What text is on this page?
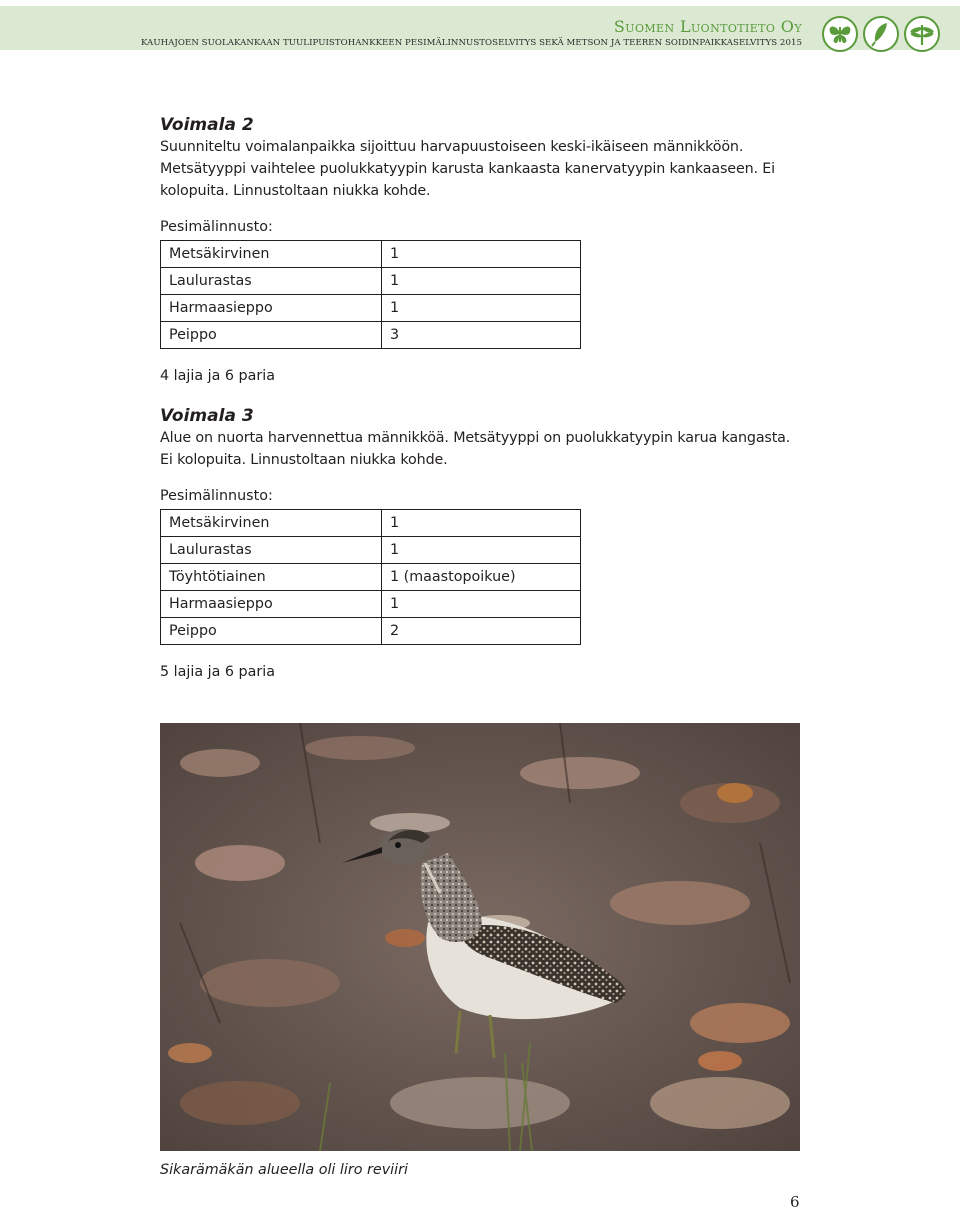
Suomen Luontotieto Oy
KAUHAJOEN SUOLAKANKAAN TUULIPUISTOHANKKEEN PESIMÄLINNUSTOSELVITYS SEKÄ METSON JA TEEREN SOIDINPAIKKASELVITYS 2015
Voimala 2

Suunniteltu voimalanpaikka sijoittuu harvapuustoiseen keski-ikäiseen männikköön. Metsätyyppi vaihtelee puolukkatyypin karusta kankaasta kanervatyypin kankaaseen. Ei kolopuita. Linnustoltaan niukka kohde.

Pesimälinnusto:
Metsäkirvinen	1
Laulurastas	1
Harmaasieppo	1
Peippo	3
4 lajia ja 6 paria
Voimala 3

Alue on nuorta harvennettua männikköä. Metsätyyppi on puolukkatyypin karua kangasta. Ei kolopuita. Linnustoltaan niukka kohde.

Pesimälinnusto:
Metsäkirvinen	1
Laulurastas	1
Töyhtötiainen	1 (maastopoikue)
Harmaasieppo	1
Peippo	2
5 lajia ja 6 paria
Sikarämäkän alueella oli liro reviiri
6
